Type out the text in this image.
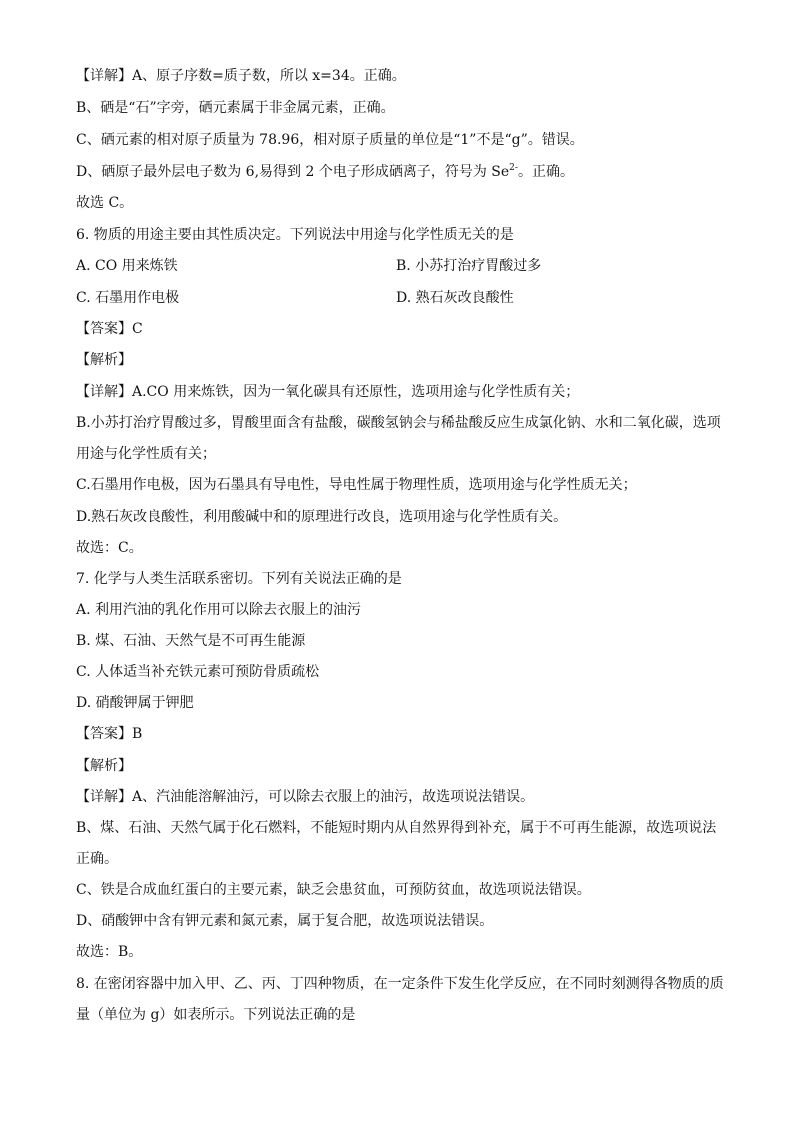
【详解】A、原子序数=质子数，所以 x=34。正确。
B、硒是“石”字旁，硒元素属于非金属元素，正确。
C、硒元素的相对原子质量为 78.96，相对原子质量的单位是“1”不是“g”。错误。
D、硒原子最外层电子数为 6,易得到 2 个电子形成硒离子，符号为 $Se^{2-}$。正确。
故选 C。
6. 物质的用途主要由其性质决定。下列说法中用途与化学性质无关的是
A. CO 用来炼铁	B. 小苏打治疗胃酸过多
C. 石墨用作电极	D. 熟石灰改良酸性
【答案】C
【解析】
【详解】A.CO 用来炼铁，因为一氧化碳具有还原性，选项用途与化学性质有关；
B.小苏打治疗胃酸过多，胃酸里面含有盐酸，碳酸氢钠会与稀盐酸反应生成氯化钠、水和二氧化碳，选项
用途与化学性质有关；
C.石墨用作电极，因为石墨具有导电性，导电性属于物理性质，选项用途与化学性质无关；
D.熟石灰改良酸性，利用酸碱中和的原理进行改良，选项用途与化学性质有关。
故选：C。
7. 化学与人类生活联系密切。下列有关说法正确的是
A. 利用汽油的乳化作用可以除去衣服上的油污
B. 煤、石油、天然气是不可再生能源
C. 人体适当补充铁元素可预防骨质疏松
D. 硝酸钾属于钾肥
【答案】B
【解析】
【详解】A、汽油能溶解油污，可以除去衣服上的油污，故选项说法错误。
B、煤、石油、天然气属于化石燃料，不能短时期内从自然界得到补充，属于不可再生能源，故选项说法
正确。
C、铁是合成血红蛋白的主要元素，缺乏会患贫血，可预防贫血，故选项说法错误。
D、硝酸钾中含有钾元素和氮元素，属于复合肥，故选项说法错误。
故选：B。
8. 在密闭容器中加入甲、乙、丙、丁四种物质，在一定条件下发生化学反应，在不同时刻测得各物质的质
量（单位为 g）如表所示。下列说法正确的是
